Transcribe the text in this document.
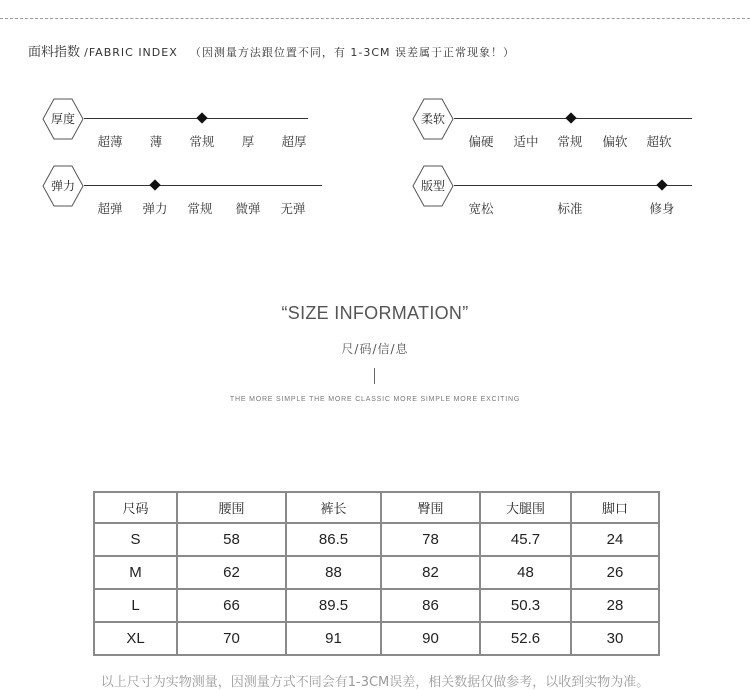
面料指数 /FABRIC INDEX （因测量方法跟位置不同，有 1-3CM 误差属于正常现象！）
厚度
超薄 薄 常规 厚 超厚
弹力
超弹 弹力 常规 微弹 无弹
柔软
偏硬 适中 常规 偏软 超软
版型
宽松	标准	修身
“SIZE INFORMATION”
尺/码/信/息
THE MORE SIMPLE THE MORE CLASSIC MORE SIMPLE MORE EXCITING
尺码	腰围	裤长	臀围	大腿围	脚口
S	58	86.5	78	45.7	24
M	62	88	82	48	26
L	66	89.5	86	50.3	28
XL	70	91	90	52.6	30
以上尺寸为实物测量，因测量方式不同会有1-3CM误差，相关数据仅做参考，以收到实物为准。
